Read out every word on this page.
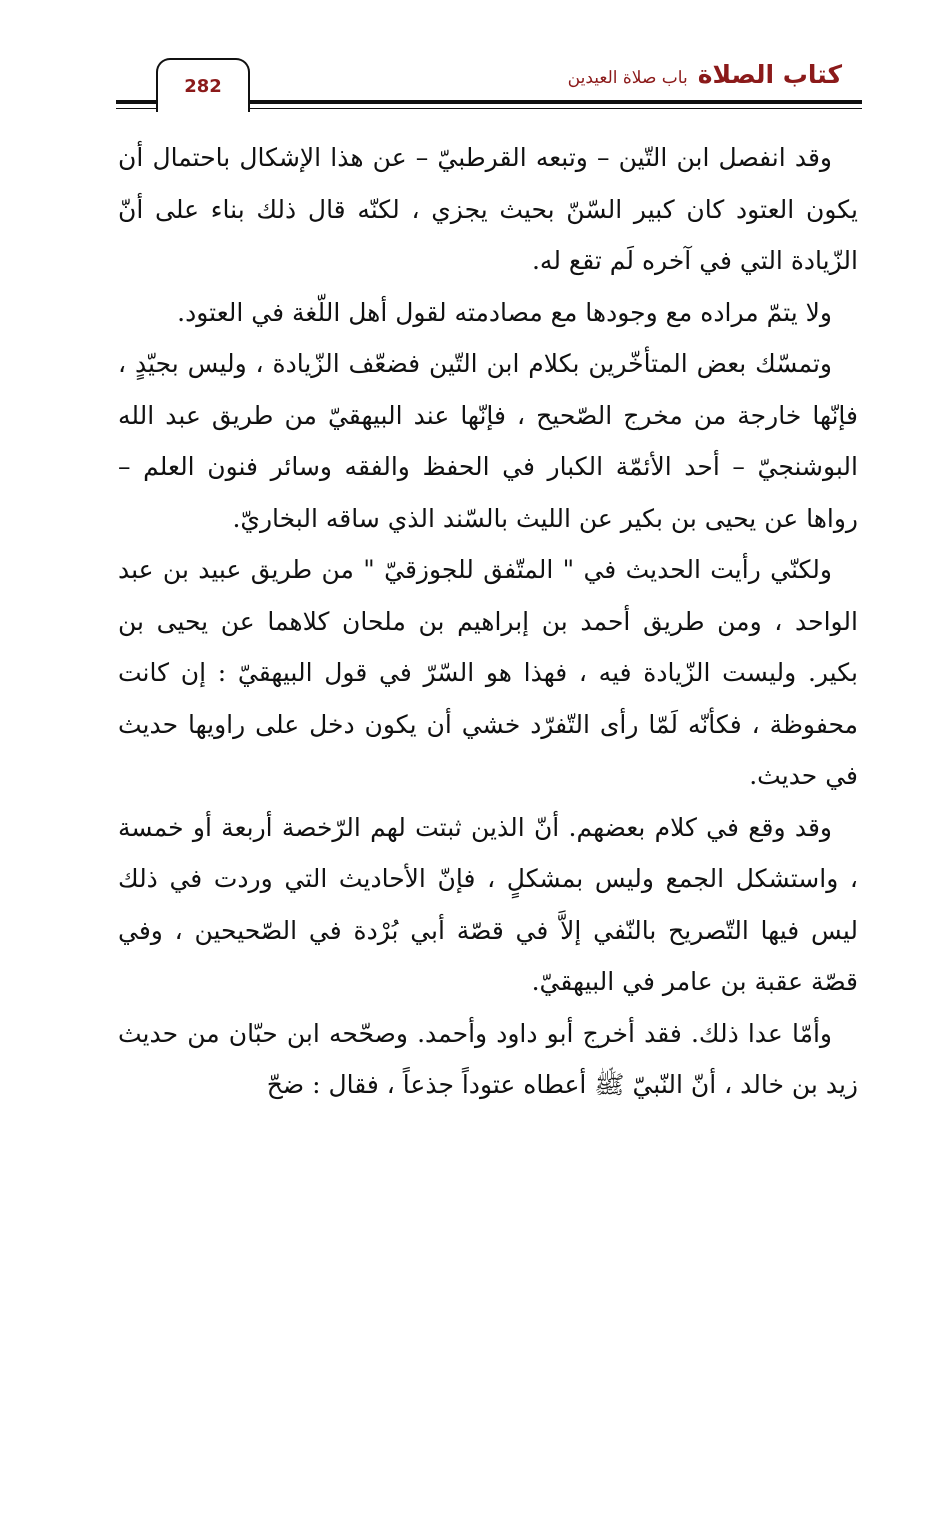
كتاب الصلاةباب صلاة العيدين
282

وقد انفصل ابن التّين – وتبعه القرطبيّ – عن هذا الإشكال باحتمال أن يكون العتود كان كبير السّنّ بحيث يجزي ، لكنّه قال ذلك بناء على أنّ الزّيادة التي في آخره لَم تقع له.

ولا يتمّ مراده مع وجودها مع مصادمته لقول أهل اللّغة في العتود.

وتمسّك بعض المتأخّرين بكلام ابن التّين فضعّف الزّيادة ، وليس بجيّدٍ ، فإنّها خارجة من مخرج الصّحيح ، فإنّها عند البيهقيّ من طريق عبد الله البوشنجيّ – أحد الأئمّة الكبار في الحفظ والفقه وسائر فنون العلم – رواها عن يحيى بن بكير عن الليث بالسّند الذي ساقه البخاريّ.

ولكنّي رأيت الحديث في " المتّفق للجوزقيّ " من طريق عبيد بن عبد الواحد ، ومن طريق أحمد بن إبراهيم بن ملحان كلاهما عن يحيى بن بكير. وليست الزّيادة فيه ، فهذا هو السّرّ في قول البيهقيّ : إن كانت محفوظة ، فكأنّه لَمّا رأى التّفرّد خشي أن يكون دخل على راويها حديث في حديث.

وقد وقع في كلام بعضهم. أنّ الذين ثبتت لهم الرّخصة أربعة أو خمسة ، واستشكل الجمع وليس بمشكلٍ ، فإنّ الأحاديث التي وردت في ذلك ليس فيها التّصريح بالنّفي إلاَّ في قصّة أبي بُرْدة في الصّحيحين ، وفي قصّة عقبة بن عامر في البيهقيّ.

وأمّا عدا ذلك. فقد أخرج أبو داود وأحمد. وصحّحه ابن حبّان من حديث زيد بن خالد ، أنّ النّبيّ ﷺ أعطاه عتوداً جذعاً ، فقال : ضحّ
